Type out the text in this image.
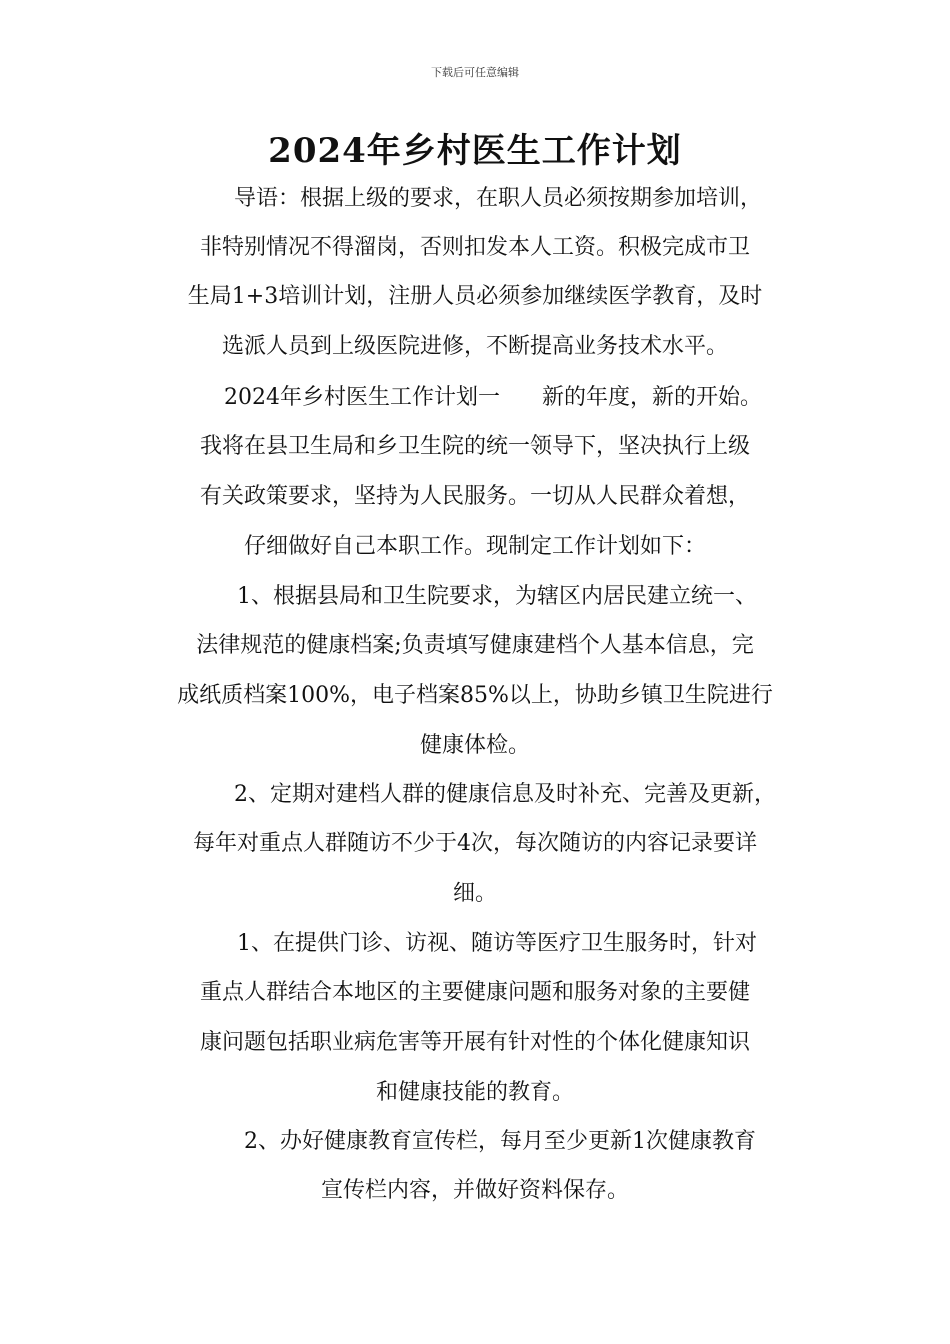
下载后可任意编辑
2024年乡村医生工作计划
导语：根据上级的要求，在职人员必须按期参加培训，
非特别情况不得溜岗，否则扣发本人工资。积极完成市卫
生局1+3培训计划，注册人员必须参加继续医学教育，及时
选派人员到上级医院进修，不断提高业务技术水平。
2024年乡村医生工作计划一      新的年度，新的开始。
我将在县卫生局和乡卫生院的统一领导下，坚决执行上级
有关政策要求，坚持为人民服务。一切从人民群众着想，
仔细做好自己本职工作。现制定工作计划如下：
1、根据县局和卫生院要求，为辖区内居民建立统一、
法律规范的健康档案;负责填写健康建档个人基本信息，完
成纸质档案100%，电子档案85%以上，协助乡镇卫生院进行
健康体检。
2、定期对建档人群的健康信息及时补充、完善及更新，
每年对重点人群随访不少于4次，每次随访的内容记录要详
细。
1、在提供门诊、访视、随访等医疗卫生服务时，针对
重点人群结合本地区的主要健康问题和服务对象的主要健
康问题包括职业病危害等开展有针对性的个体化健康知识
和健康技能的教育。
2、办好健康教育宣传栏，每月至少更新1次健康教育
宣传栏内容，并做好资料保存。
